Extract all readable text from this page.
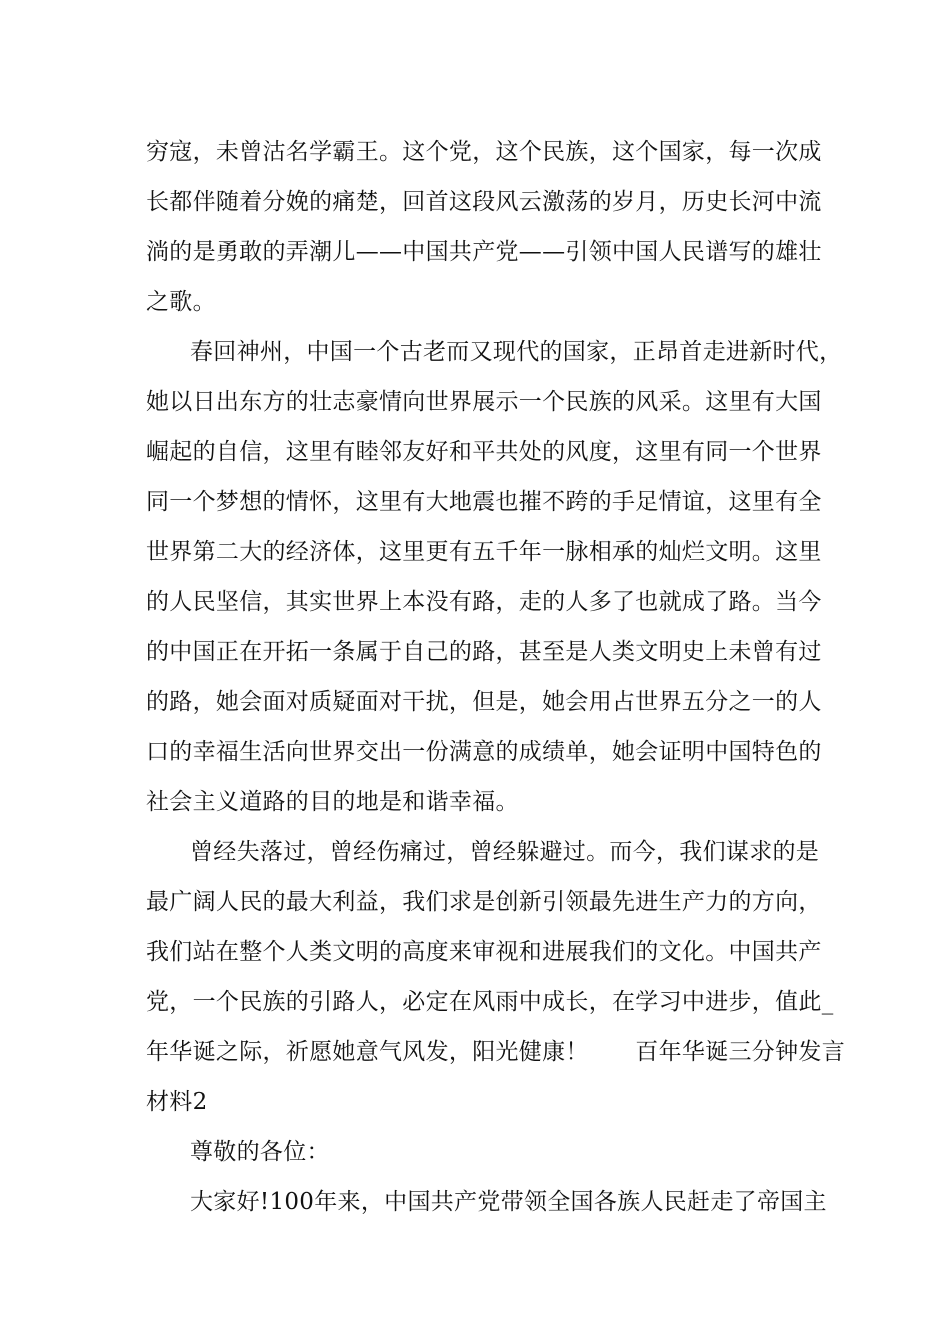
穷寇，未曾沽名学霸王。这个党，这个民族，这个国家，每一次成
长都伴随着分娩的痛楚，回首这段风云激荡的岁月，历史长河中流
淌的是勇敢的弄潮儿——中国共产党——引领中国人民谱写的雄壮
之歌。
春回神州，中国一个古老而又现代的国家，正昂首走进新时代，
她以日出东方的壮志豪情向世界展示一个民族的风采。这里有大国
崛起的自信，这里有睦邻友好和平共处的风度，这里有同一个世界
同一个梦想的情怀，这里有大地震也摧不跨的手足情谊，这里有全
世界第二大的经济体，这里更有五千年一脉相承的灿烂文明。这里
的人民坚信，其实世界上本没有路，走的人多了也就成了路。当今
的中国正在开拓一条属于自己的路，甚至是人类文明史上未曾有过
的路，她会面对质疑面对干扰，但是，她会用占世界五分之一的人
口的幸福生活向世界交出一份满意的成绩单，她会证明中国特色的
社会主义道路的目的地是和谐幸福。
曾经失落过，曾经伤痛过，曾经躲避过。而今，我们谋求的是
最广阔人民的最大利益，我们求是创新引领最先进生产力的方向，
我们站在整个人类文明的高度来审视和进展我们的文化。中国共产
党，一个民族的引路人，必定在风雨中成长，在学习中进步，值此_
年华诞之际，祈愿她意气风发，阳光健康！　　百年华诞三分钟发言
材料2
尊敬的各位：
大家好!100年来，中国共产党带领全国各族人民赶走了帝国主
